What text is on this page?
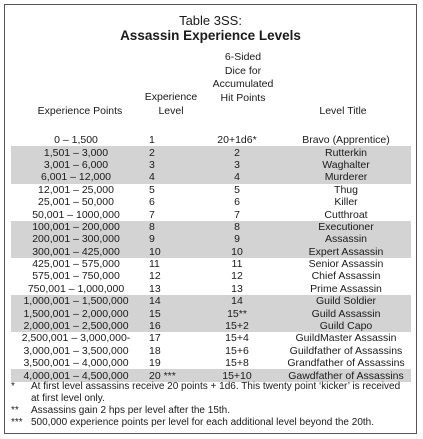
Table 3SS:
Assassin Experience Levels
Experience Points
Experience
Level
6-Sided
Dice for
Accumulated
Hit Points
Level Title
0 – 1,500	1	20+1d6*	Bravo (Apprentice)
1,501 – 3,000	2	2	Rutterkin
3,001 – 6,000	3	3	Waghalter
6,001 – 12,000	4	4	Murderer
12,001 – 25,000	5	5	Thug
25,001 – 50,000	6	6	Killer
50,001 – 1000,000	7	7	Cutthroat
100,001 – 200,000	8	8	Executioner
200,001 – 300,000	9	9	Assassin
300,001 – 425,000	10	10	Expert Assassin
425,001 – 575,000	11	11	Senior Assassin
575,001 – 750,000	12	12	Chief Assassin
750,001 – 1,000,000	13	13	Prime Assassin
1,000,001 – 1,500,000	14	14	Guild Soldier
1,500,001 – 2,000,000	15	15**	Guild Assassin
2,000,001 – 2,500,000	16	15+2	Guild Capo
2,500,001 – 3,000,000-	17	15+4	GuildMaster Assassin
3,000,001 – 3,500,000	18	15+6	Guildfather of Assassins
3,500,001 – 4,000,000	19	15+8	Grandfather of Assassins
4,000,001 – 4,500,000	20 ***	15+10	Gawdfather of Assassins
* At first level assassins receive 20 points + 1d6. This twenty point ‘kicker’ is received at first level only.
** Assassins gain 2 hps per level after the 15th.
*** 500,000 experience points per level for each additional level beyond the 20th.
